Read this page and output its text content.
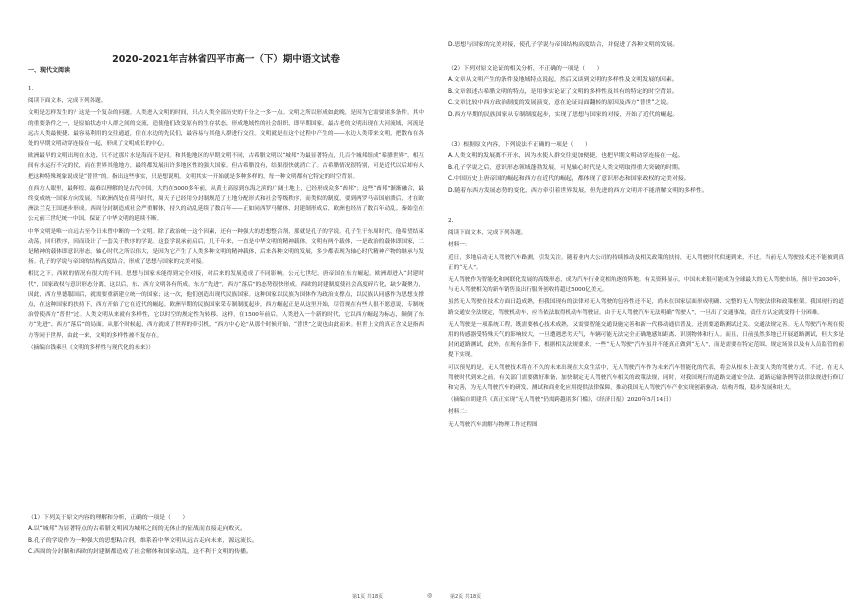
2020-2021年吉林省四平市高一（下）期中语文试卷
一、现代文阅读

1.

阅读下面文本，完成下列各题。

文明是怎样发生的？这是一个复杂的问题。人类进入文明的时间，只占人类全部历史的千分之一多一点。文明之所以形成如此晚，是因为它需要诸多条件。其中的重要条件之一，是原始状态中人群之间的交流，造使他们改变原有的生存状态，形成地域性的社会组织，即早期国家。最古老的文明出现在大河流域，河流是远古人类最便捷、最容易利用的交往通道，住在水边的先民们，最容易与其他人群进行交往。文明就是在这个过程中产生的——水边人类带来文明，把散布在各处的早期文明动穿连接在一起，形成了文明成长的中心。

欧洲最早的文明出现在水边，只不过那片水是海而不是河。和其他地区的早期文明不同，古希腊文明以“城邦”为最显著特点，几百个城邦组成“希腊世界”，相互间有水运行不完的仗，而在世界其他地方，最终都发展出许多地区性的强大国家。但古希腊没有，结果很快就消亡了。古希腊情况很特别，可是近代以后却有人把这种特殊现象说成是“普世”的。指出这些事实，只是想说明，文明其实一开始就是多种多样的，每一种文明都有它特定的时空背景。

在西方人眼里，最辉煌、最难以理解的是古代中国。大约在5000多年前，从黄土高原到东海之滨的广阔土地上，已经形成众多“酋邦”；这些“酋邦”渐渐融合，最终变成统一国家方向发展。当欧洲尚处在荷马时代，周天子已经用分封制规范了土地分配形式和社会等级秩序，而类似的制度，要到两罗马帝国崩溃后，才在欧洲法兰克王国逐步形成。西周分封制造成社会严重解体，持久的动乱延续了数百年——正如同西罗马解体，封建制形成后，欧洲也经历了数百年动乱。秦始皇在公元前三世纪统一中国，保证了中华文明的延续不断。

中华文明是唯一自远古至今日未曾中断的一个文明。除了政治统一这个因素，还有一种强大的思想整合剂，那就是孔子的学说。孔子生于东周时代，他希望结束动荡，回归秩序，因而设计了一套关于秩序的学说。这套学说承前启后，几千年来，一直是中华文明的精神载体。文明有两个载体，一是政治的载体即国家，二是精神的载体即意识形态。轴心时代之所以伟大，是因为它产生了人类多种文明的精神载体，后来各种文明的发展，多少都表现为轴心时代精神产物的继承与发扬。孔子的学说与帝国的结构高度结合，形成了思想与国家的完美对接。

相比之下，西欧的情况有很大的不同。思想与国家未能得到完全对接，对后来的发展造成了不同影响。公元七世纪，唐帝国在东方崛起，欧洲却进入“封建时代”，国家政权与意识形态分离。这以后，东、西方文明各有所成。东方“先进”，西方“落后”的态势很快形成。西欧的封建制度使社会高度碎片化，缺少凝聚力，因此，西方里德服国后，就需要重新建立统一的国家；这一次，他们创造出现代民族国家。这种国家以民族为国体作为政治支撑点，以民族认同感作为思想支撑点，在这种国家的扶持下，西方开始了它在近代的崛起。欧洲早期的民族国家采专制制度起步，西方崛起正是从这里开始，尽管现在有些人很不愿意说，专制统治曾使西方“普世”过。人类文明从来就有多样性，它以时空的规定性为转移。这样，在1500年前后，人类进入一个新的时代，它以西方崛起为标志，颠倒了东方“先进”、西方“落后”的局面。从那个时候起，西方就成了世界的牵引机，“西方中心论”从那个时候开始，“普世”之说也由此而来。但世上文的真正含义是指西方等同于世界，由此一来，文明的多样性被不复存在。

（摘编自钱乘旦《文明的多样性与现代化的未来》）

（1）下列关于原文内容的理解和分析，正确的一项是（　　）

A.以“城邦”为显著特点的古希腊文明因为城邦之间的无休止的征战而直接走向败灭。

B.孔子的学说作为一种强大的思想粘合剂，维系着中华文明从远古走向未来，源远流长。

C.西周的分封制和西欧的封建制都造成了社会解体和国家动乱，这不利于文明的传播。

D.思想与国家的完美对接，使孔子学说与帝国结构高度结合，并促进了各种文明的发展。

（2）下列对原文论证的相关分析，不正确的一项是（　　）

A.文章从文明产生的条件及地域特点说起，然后又谈到文明的多样性及文明发展的因素。

B.文章叙述古希腊文明的特点，是用事实论证了文明的多样性及其有的特定的时空背景。

C.文章比较中西方政治制度的发展演变，意在论证局面翻转的原因及西方“普世”之说。

D.西方早期的民族国家从专制制度起步，实现了思想与国家的对接，开始了近代的崛起。

（3）根据原文内容，下列说法不正确的一项是（　　）

A.人类文明的发展离不开水，因为水使人群交往更加便捷，也把早期文明动穿连接在一起。

B.孔子学说之后，意识形态领域蓬勃发展，可见轴心时代是人类文明取得重大突破的时期。

C.中国历史上唐帝国的崛起和西方在近代的崛起，都体现了意识形态和国家政权的完美对接。

D.随着东西方发展态势的变化，西方牵引着世界发展，但先进的西方文明并不能消解文明的多样性。

2.

阅读下面文本，完成下列各题。

材料一：

近日，多地启动无人驾驶汽车路测，引发关注。随着业内大公司的持续推动及相关政策的扶持，无人驾驶时代似速到来，不过，当前无人驾驶技术还不能被到真正的“无人”。

无人驾驶作为智能化和网联化发展的高级形态，成为汽车行业竞相角逐的阵地。有关资料显示，中国未来很可能成为全球最大的无人驾驶市场，预计至2030年，与无人驾驶相关的新车销售及出行服务创收将超过5000亿美元。

虽然无人驾驶在技术方面日趋成熟，但我国现有的法律对无人驾驶的包容性还不足，尚未在国家层面形成明确、完整的无人驾驶法律和政策框架。我国现行的道路交通安全法规定，驾驶机动车，应当依法取得机动车驾驶证。由于无人驾驶汽车无法明确“驾驶人”，一旦出了交通事故，责任方认定就变得十分困难。

无人驾驶是一项系统工程，既需要核心技术成熟，又需要智能交通设施完善和新一代移动通信普及，还需要道路测试过关、交通法规完善。无人驾驶汽车现在使用的传感器受特殊天气的影响较大，一旦遭遇恶劣天气，车辆可能无法完全正确地感知距离、识别物体和行人。而且，日前虽然多地已开展道路测试，但大多是封闭道路测试，此外，在现有条件下，根据相关法规要求，一些“无人驾驶”汽车虽并不能真正做到“无人”，而是需要在特定范围、规定场景以及有人员监管的前提下实现。

可以预见的是，无人驾驶技术将在不久的未来出现在大众生活中，无人驾驶汽车作为未来汽车智能化的代表，将会从根本上改变人类的驾驶方式。不过，在无人驾驶时代到来之前，有关部门需要做好准备，加快制定无人驾驶汽车相关的政策法规，同时，对我国现行的道路交通安全法、道路运输条例等法律法规进行修订和完善，为无人驾驶汽车的研发、测试和商业化应用提供法律保障，推动我国无人驾驶汽车产业实现创新驱动、结构升级，稳步发展和壮大。

（摘编自胡建兵《真正实现“无人驾驶”仍需跨越诸多门槛》，《经济日报》2020年5月14日）

材料二：

无人驾驶汽车需解与物理工作过程图

第1页 共18页	◎	第2页 共18页
